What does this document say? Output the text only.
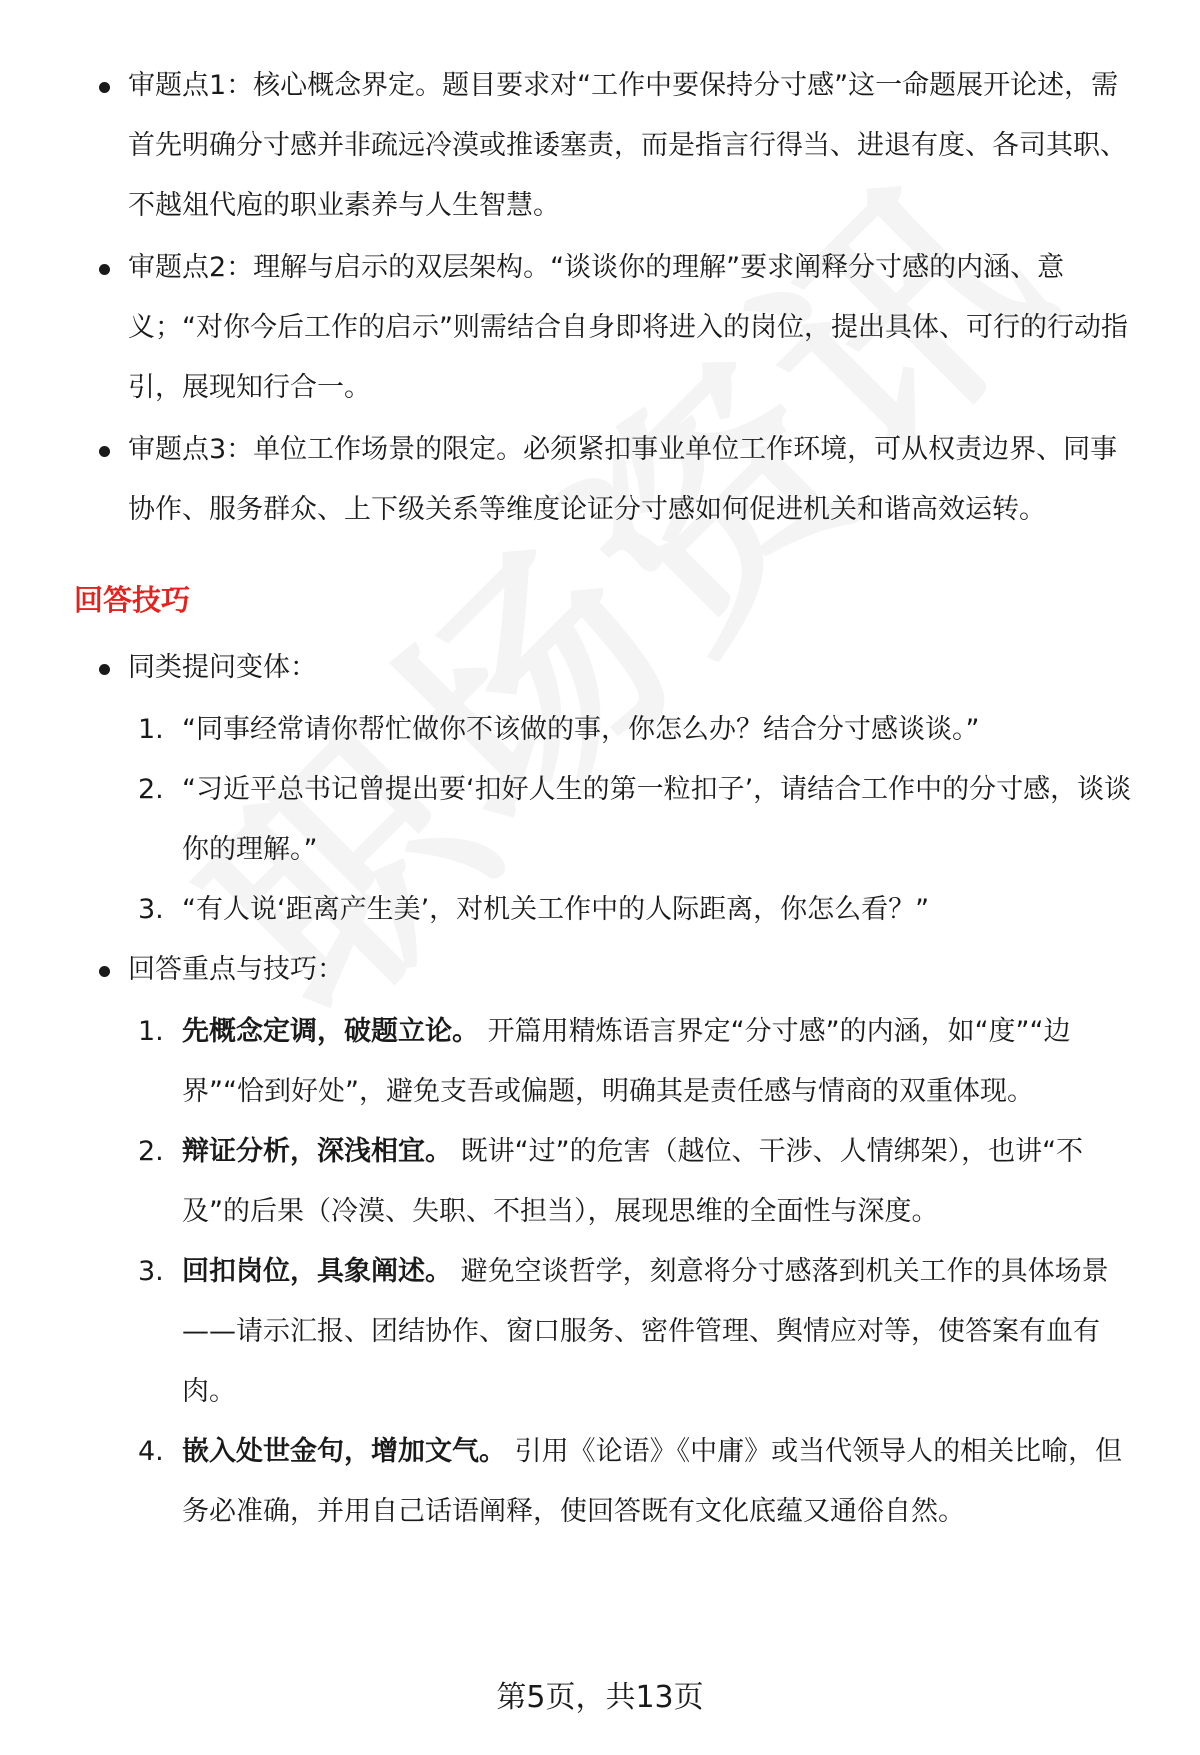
审题点1：核心概念界定。题目要求对“工作中要保持分寸感”这一命题展开论述，需首先明确分寸感并非疏远冷漠或推诿塞责，而是指言行得当、进退有度、各司其职、不越俎代庖的职业素养与人生智慧。
审题点2：理解与启示的双层架构。“谈谈你的理解”要求阐释分寸感的内涵、意义；“对你今后工作的启示”则需结合自身即将进入的岗位，提出具体、可行的行动指引，展现知行合一。
审题点3：单位工作场景的限定。必须紧扣事业单位工作环境，可从权责边界、同事协作、服务群众、上下级关系等维度论证分寸感如何促进机关和谐高效运转。
回答技巧
同类提问变体：
1. “同事经常请你帮忙做你不该做的事，你怎么办？结合分寸感谈谈。”
2. “习近平总书记曾提出要‘扣好人生的第一粒扣子’，请结合工作中的分寸感，谈谈你的理解。”
3. “有人说‘距离产生美’，对机关工作中的人际距离，你怎么看？”
回答重点与技巧：
1. 先概念定调，破题立论。 开篇用精炼语言界定“分寸感”的内涵，如“度”“边界”“恰到好处”，避免支吾或偏题，明确其是责任感与情商的双重体现。
2. 辩证分析，深浅相宜。 既讲“过”的危害（越位、干涉、人情绑架），也讲“不及”的后果（冷漠、失职、不担当），展现思维的全面性与深度。
3. 回扣岗位，具象阐述。 避免空谈哲学，刻意将分寸感落到机关工作的具体场景——请示汇报、团结协作、窗口服务、密件管理、舆情应对等，使答案有血有肉。
4. 嵌入处世金句，增加文气。 引用《论语》《中庸》或当代领导人的相关比喻，但务必准确，并用自己话语阐释，使回答既有文化底蕴又通俗自然。
第5页，共13页
